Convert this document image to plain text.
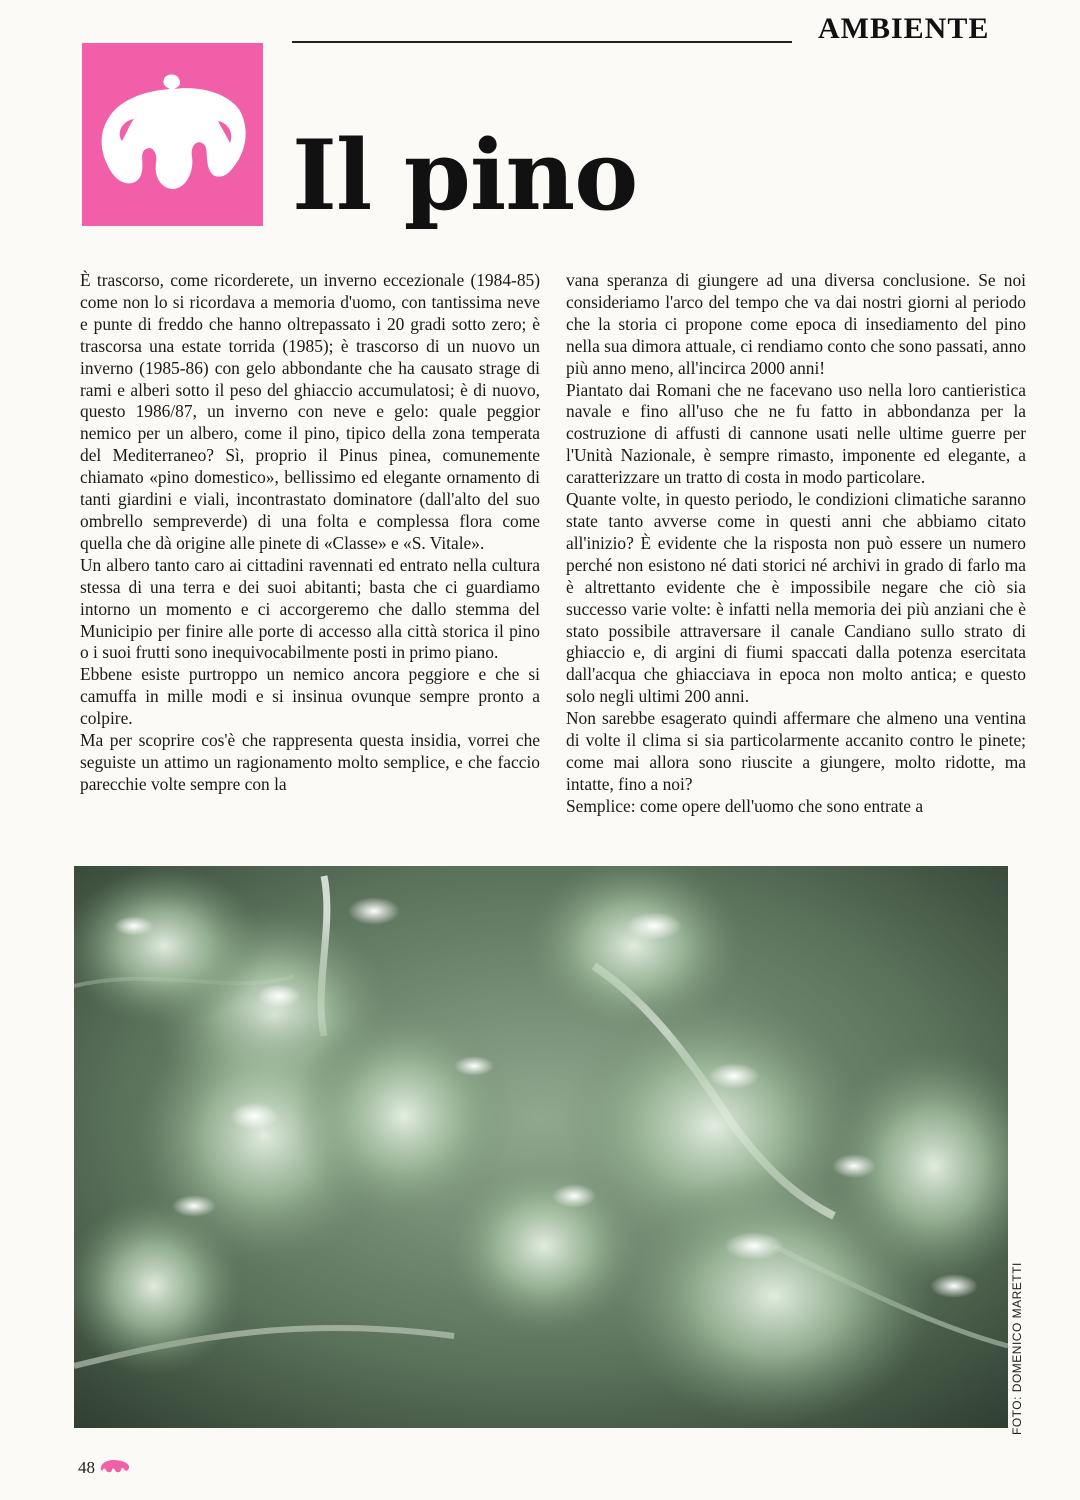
AMBIENTE
Il pino

È trascorso, come ricorderete, un inverno eccezionale (1984-85) come non lo si ricordava a memoria d'uomo, con tantissima neve e punte di freddo che hanno oltrepassato i 20 gradi sotto zero; è trascorsa una estate torrida (1985); è trascorso di un nuovo un inverno (1985-86) con gelo abbondante che ha causato strage di rami e alberi sotto il peso del ghiaccio accumulatosi; è di nuovo, questo 1986/87, un inverno con neve e gelo: quale peggior nemico per un albero, come il pino, tipico della zona temperata del Mediterraneo? Sì, proprio il Pinus pinea, comunemente chiamato «pino domestico», bellissimo ed elegante ornamento di tanti giardini e viali, incontrastato dominatore (dall'alto del suo ombrello sempreverde) di una folta e complessa flora come quella che dà origine alle pinete di «Classe» e «S. Vitale».

Un albero tanto caro ai cittadini ravennati ed entrato nella cultura stessa di una terra e dei suoi abitanti; basta che ci guardiamo intorno un momento e ci accorgeremo che dallo stemma del Municipio per finire alle porte di accesso alla città storica il pino o i suoi frutti sono inequivocabilmente posti in primo piano.

Ebbene esiste purtroppo un nemico ancora peggiore e che si camuffa in mille modi e si insinua ovunque sempre pronto a colpire.

Ma per scoprire cos'è che rappresenta questa insidia, vorrei che seguiste un attimo un ragionamento molto semplice, e che faccio parecchie volte sempre con la

vana speranza di giungere ad una diversa conclusione. Se noi consideriamo l'arco del tempo che va dai nostri giorni al periodo che la storia ci propone come epoca di insediamento del pino nella sua dimora attuale, ci rendiamo conto che sono passati, anno più anno meno, all'incirca 2000 anni!

Piantato dai Romani che ne facevano uso nella loro cantieristica navale e fino all'uso che ne fu fatto in abbondanza per la costruzione di affusti di cannone usati nelle ultime guerre per l'Unità Nazionale, è sempre rimasto, imponente ed elegante, a caratterizzare un tratto di costa in modo particolare.

Quante volte, in questo periodo, le condizioni climatiche saranno state tanto avverse come in questi anni che abbiamo citato all'inizio? È evidente che la risposta non può essere un numero perché non esistono né dati storici né archivi in grado di farlo ma è altrettanto evidente che è impossibile negare che ciò sia successo varie volte: è infatti nella memoria dei più anziani che è stato possibile attraversare il canale Candiano sullo strato di ghiaccio e, di argini di fiumi spaccati dalla potenza esercitata dall'acqua che ghiacciava in epoca non molto antica; e questo solo negli ultimi 200 anni.

Non sarebbe esagerato quindi affermare che almeno una ventina di volte il clima si sia particolarmente accanito contro le pinete; come mai allora sono riuscite a giungere, molto ridotte, ma intatte, fino a noi?

Semplice: come opere dell'uomo che sono entrate a

FOTO: DOMENICO MARETTI
48
